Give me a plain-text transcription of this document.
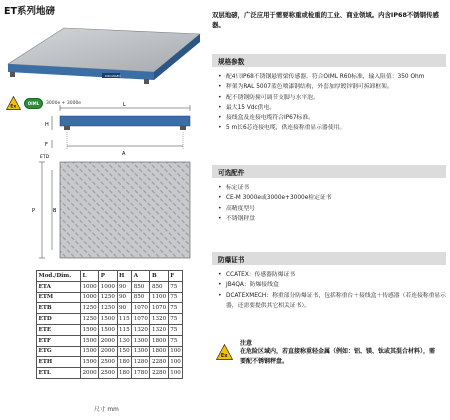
ET系列地磅
DINI ARGEO
Ex
OIML	3000e + 3000e	L
H
F
A
ETD
P	B
Mod./Dim.	L	P	H	A	B	F
ETA	1000	1000	90	850	850	75
ETM	1000	1250	90	850	1100	75
ETB	1250	1250	90	1070	1070	75
ETD	1250	1500	115	1070	1320	75
ETE	1500	1500	115	1320	1320	75
ETF	1500	2000	130	1300	1800	75
ETG	1500	2000	150	1300	1800	100
ETH	1500	2500	180	1280	2280	100
ETL	2000	2500	180	1780	2280	100
尺寸 mm
双层地磅，广泛应用于需要称重或检重的工业、商业领域。内含IP68不锈钢传感器。
规格参数
• 配4只IP68不锈钢悬臂梁传感器，符合OIML R60标准，输入阻值：350 Ohm
• 秤架为RAL 5007蓝色喷漆钢结构，外套加厚镀锌钢可拆卸框架。
• 配不锈钢防撞可调节支脚与水平泡。
• 最大15 Vdc供电。
• 接线盒及连接电缆符合IP67标准。
• 5 m长6芯连接电缆，供连接称重显示器使用。
可选配件
• 标定证书
• CE-M 3000e或3000e+3000e检定证书
• 高精度型号
• 不锈钢秤盘
防爆证书
• CCATEX：传感器防爆证书
• JB4QA：防爆接线盒
• DCATEXMECH：称重部分防爆证书，包括称重台＋接线盒＋传感器（若连接称重显示器，还需要提供其它相关证书）。
Ex
注意
在危险区域内，若直接称重轻金属（例如：铝、镁、钛或其混合材料），需要配不锈钢秤盘。
